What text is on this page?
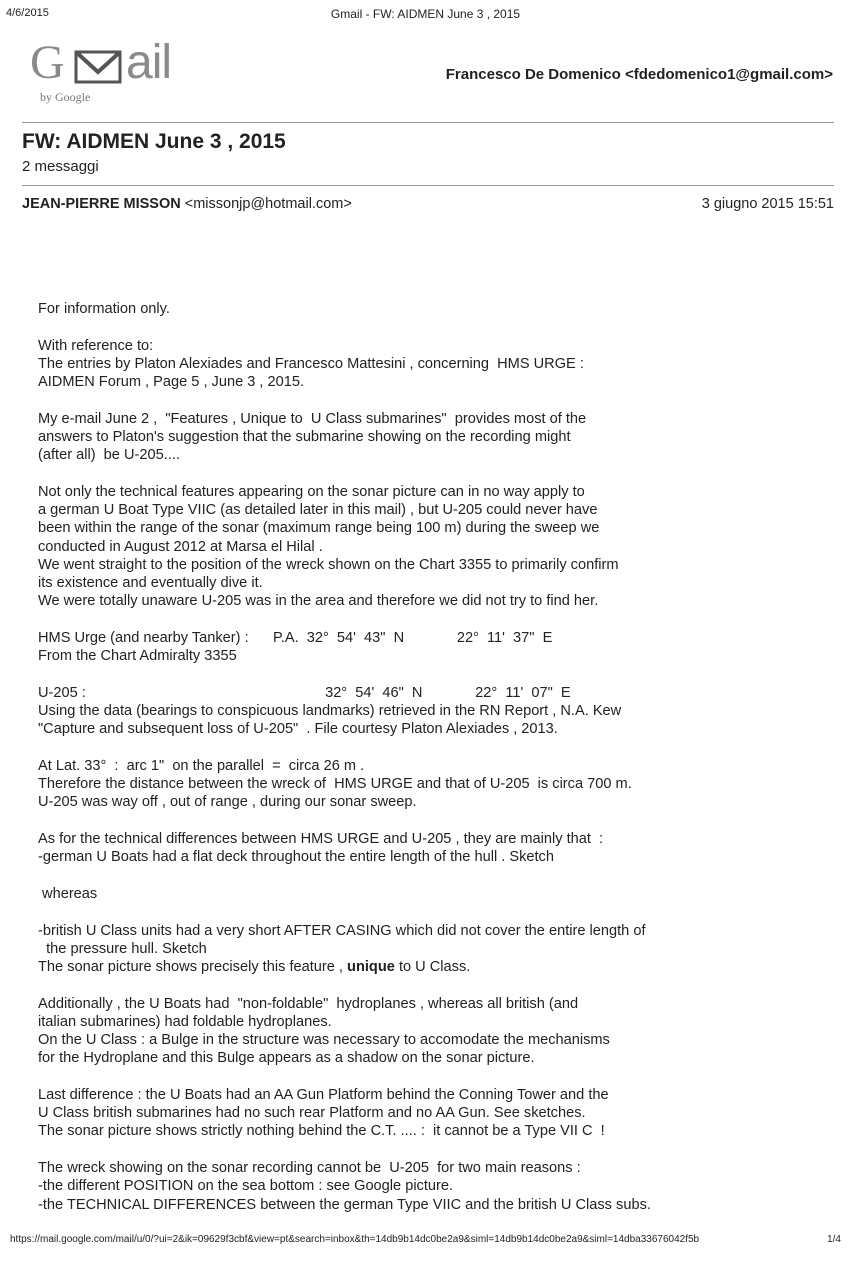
4/6/2015	Gmail - FW: AIDMEN June 3 , 2015
G ail
by Google
Francesco De Domenico <fdedomenico1@gmail.com>
FW: AIDMEN June 3 , 2015
2 messaggi
JEAN-PIERRE MISSON <missonjp@hotmail.com>	3 giugno 2015 15:51
For information only.
With reference to:
The entries by Platon Alexiades and Francesco Mattesini , concerning  HMS URGE :
AIDMEN Forum , Page 5 , June 3 , 2015.
My e-mail June 2 ,  "Features , Unique to  U Class submarines"  provides most of the
answers to Platon's suggestion that the submarine showing on the recording might
(after all)  be U-205....
Not only the technical features appearing on the sonar picture can in no way apply to
a german U Boat Type VIIC (as detailed later in this mail) , but U-205 could never have
been within the range of the sonar (maximum range being 100 m) during the sweep we
conducted in August 2012 at Marsa el Hilal .
We went straight to the position of the wreck shown on the Chart 3355 to primarily confirm
its existence and eventually dive it.
We were totally unaware U-205 was in the area and therefore we did not try to find her.
HMS Urge (and nearby Tanker) :      P.A.  32°  54'  43"  N             22°  11'  37"  E
From the Chart Admiralty 3355
U-205 :                                                           32°  54'  46"  N             22°  11'  07"  E
Using the data (bearings to conspicuous landmarks) retrieved in the RN Report , N.A. Kew
"Capture and subsequent loss of U-205"  . File courtesy Platon Alexiades , 2013.
At Lat. 33°  :  arc 1"  on the parallel  =  circa 26 m .
Therefore the distance between the wreck of  HMS URGE and that of U-205  is circa 700 m.
U-205 was way off , out of range , during our sonar sweep.
As for the technical differences between HMS URGE and U-205 , they are mainly that  :
-german U Boats had a flat deck throughout the entire length of the hull . Sketch
whereas
-british U Class units had a very short AFTER CASING which did not cover the entire length of
the pressure hull. Sketch
The sonar picture shows precisely this feature , unique to U Class.
Additionally , the U Boats had  "non-foldable"  hydroplanes , whereas all british (and
italian submarines) had foldable hydroplanes.
On the U Class : a Bulge in the structure was necessary to accomodate the mechanisms
for the Hydroplane and this Bulge appears as a shadow on the sonar picture.
Last difference : the U Boats had an AA Gun Platform behind the Conning Tower and the
U Class british submarines had no such rear Platform and no AA Gun. See sketches.
The sonar picture shows strictly nothing behind the C.T. .... :  it cannot be a Type VII C  !
The wreck showing on the sonar recording cannot be  U-205  for two main reasons :
-the different POSITION on the sea bottom : see Google picture.
-the TECHNICAL DIFFERENCES between the german Type VIIC and the british U Class subs.
https://mail.google.com/mail/u/0/?ui=2&ik=09629f3cbf&view=pt&search=inbox&th=14db9b14dc0be2a9&siml=14db9b14dc0be2a9&siml=14dba33676042f5b	1/4
